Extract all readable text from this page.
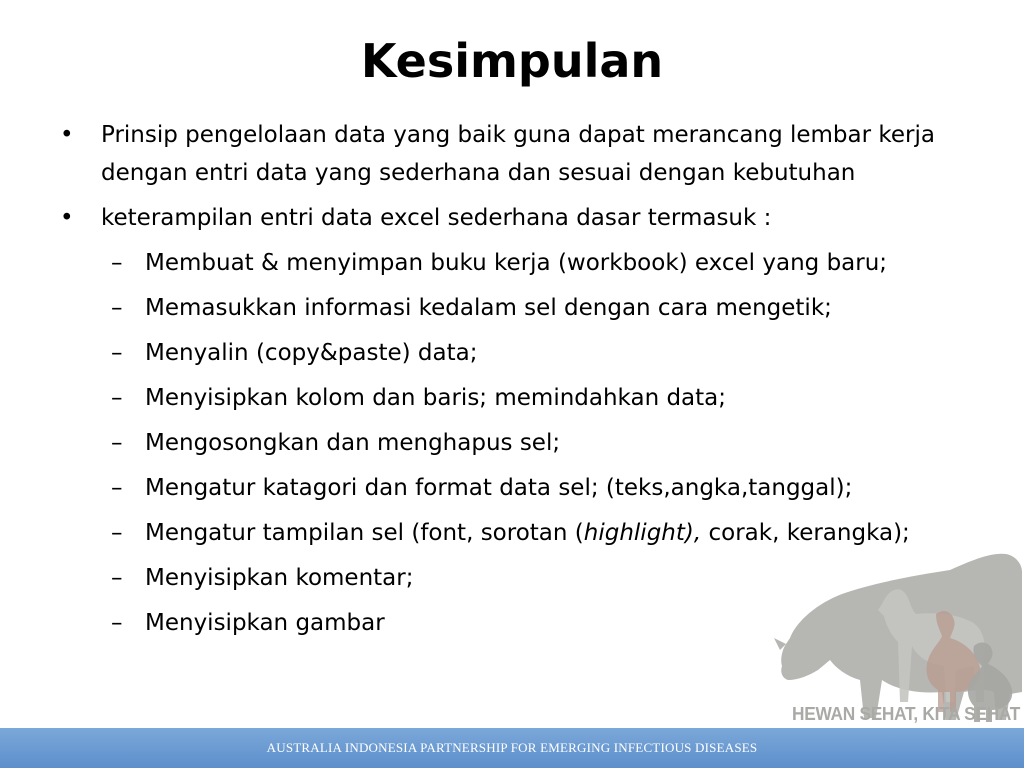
Kesimpulan
HEWAN SEHAT, KITA SEHAT
• Prinsip pengelolaan data yang baik guna dapat merancang lembar kerja dengan entri data yang sederhana dan sesuai dengan kebutuhan
• keterampilan entri data excel sederhana dasar termasuk :
– Membuat & menyimpan buku kerja (workbook) excel yang baru;
– Memasukkan informasi kedalam sel dengan cara mengetik;
– Menyalin (copy&paste) data;
– Menyisipkan kolom dan baris; memindahkan data;
– Mengosongkan dan menghapus sel;
– Mengatur katagori dan format data sel; (teks,angka,tanggal);
– Mengatur tampilan sel (font, sorotan (highlight), corak, kerangka);
– Menyisipkan komentar;
– Menyisipkan gambar
AUSTRALIA INDONESIA PARTNERSHIP FOR EMERGING INFECTIOUS DISEASES
